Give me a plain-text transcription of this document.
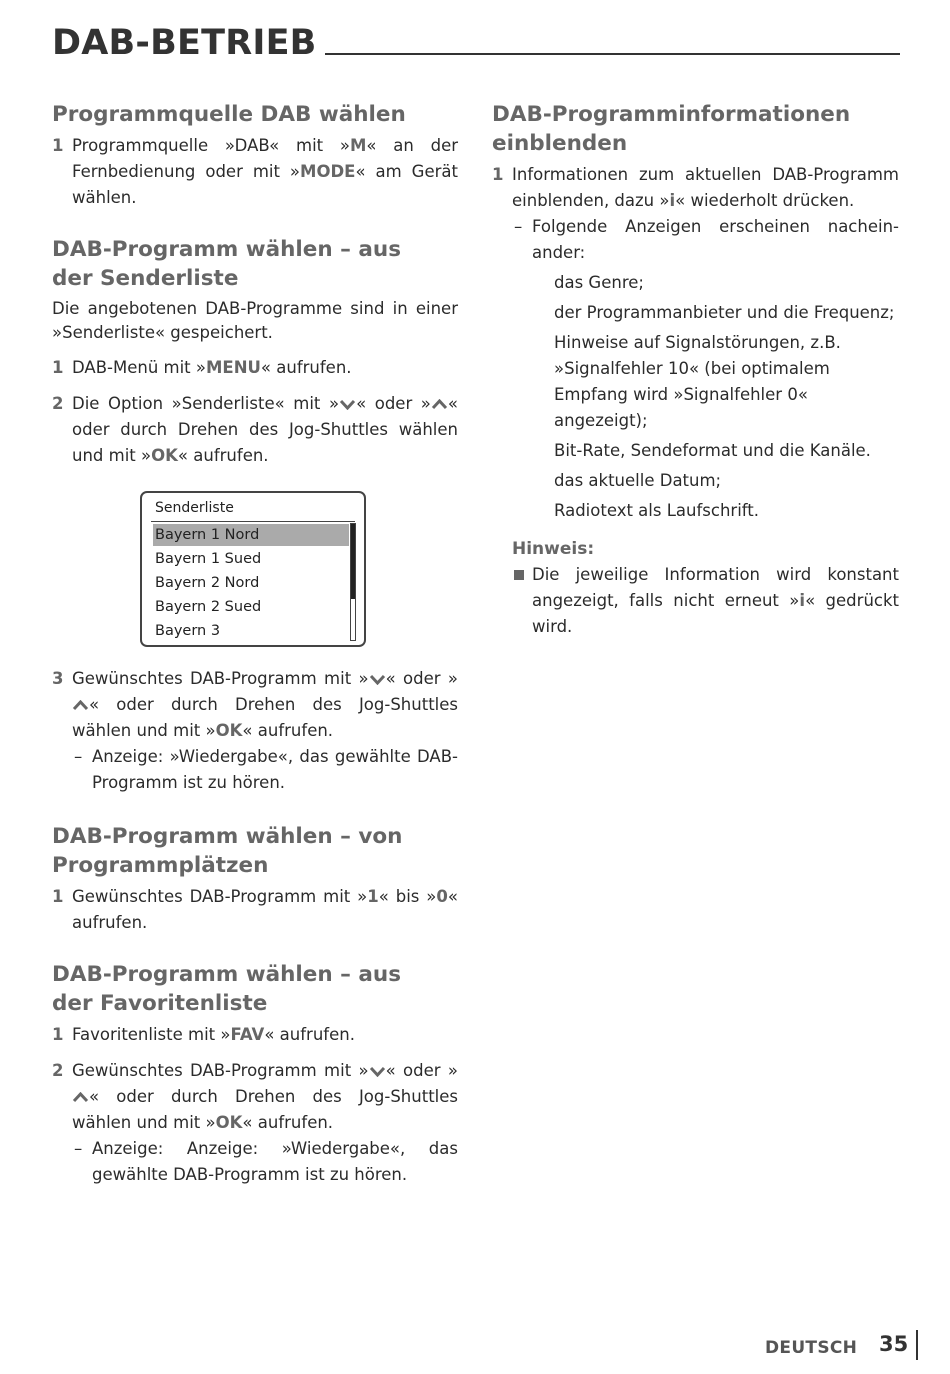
DAB-BETRIEB
Programmquelle DAB wählen

1 Programmquelle »DAB« mit »M« an der Fernbedienung oder mit »MODE« am Gerät wählen.

DAB-Programm wählen – aus
der Senderliste

Die angebotenen DAB-Programme sind in einer »Senderliste« gespeichert.

1 DAB-Menü mit »MENU« aufrufen.

2 Die Option »Senderliste« mit » « oder » « oder durch Drehen des Jog-Shuttles wählen und mit »OK« aufrufen.

Senderliste
Bayern 1 Nord
Bayern 1 Sued
Bayern 2 Nord
Bayern 2 Sued
Bayern 3

3 Gewünschtes DAB-Programm mit » « oder »« oder durch Drehen des Jog-Shuttles wählen und mit »OK« aufrufen.

– Anzeige: »Wiedergabe«, das gewählte DAB-Programm ist zu hören.

DAB-Programm wählen – von
Programmplätzen

1 Gewünschtes DAB-Programm mit »1« bis »0« aufrufen.

DAB-Programm wählen – aus
der Favoritenliste

1 Favoritenliste mit »FAV« aufrufen.

2 Gewünschtes DAB-Programm mit » « oder »« oder durch Drehen des Jog-Shuttles wählen und mit »OK« aufrufen.

– Anzeige: Anzeige: »Wiedergabe«, das gewählte DAB-Programm ist zu hören.

DAB-Programminformationen
einblenden

1 Informationen zum aktuellen DAB-Programm einblenden, dazu »i« wiederholt drücken.

– Folgende Anzeigen erscheinen nacheinander:

das Genre;

der Programmanbieter und die Frequenz;

Hinweise auf Signalstörungen, z.B. »Signalfehler 10« (bei optimalem Empfang wird »Signalfehler 0« angezeigt);

Bit-Rate, Sendeformat und die Kanäle.

das aktuelle Datum;

Radiotext als Laufschrift.

Hinweis:

Die jeweilige Information wird konstant angezeigt, falls nicht erneut »i« gedrückt wird.

DEUTSCH 35
